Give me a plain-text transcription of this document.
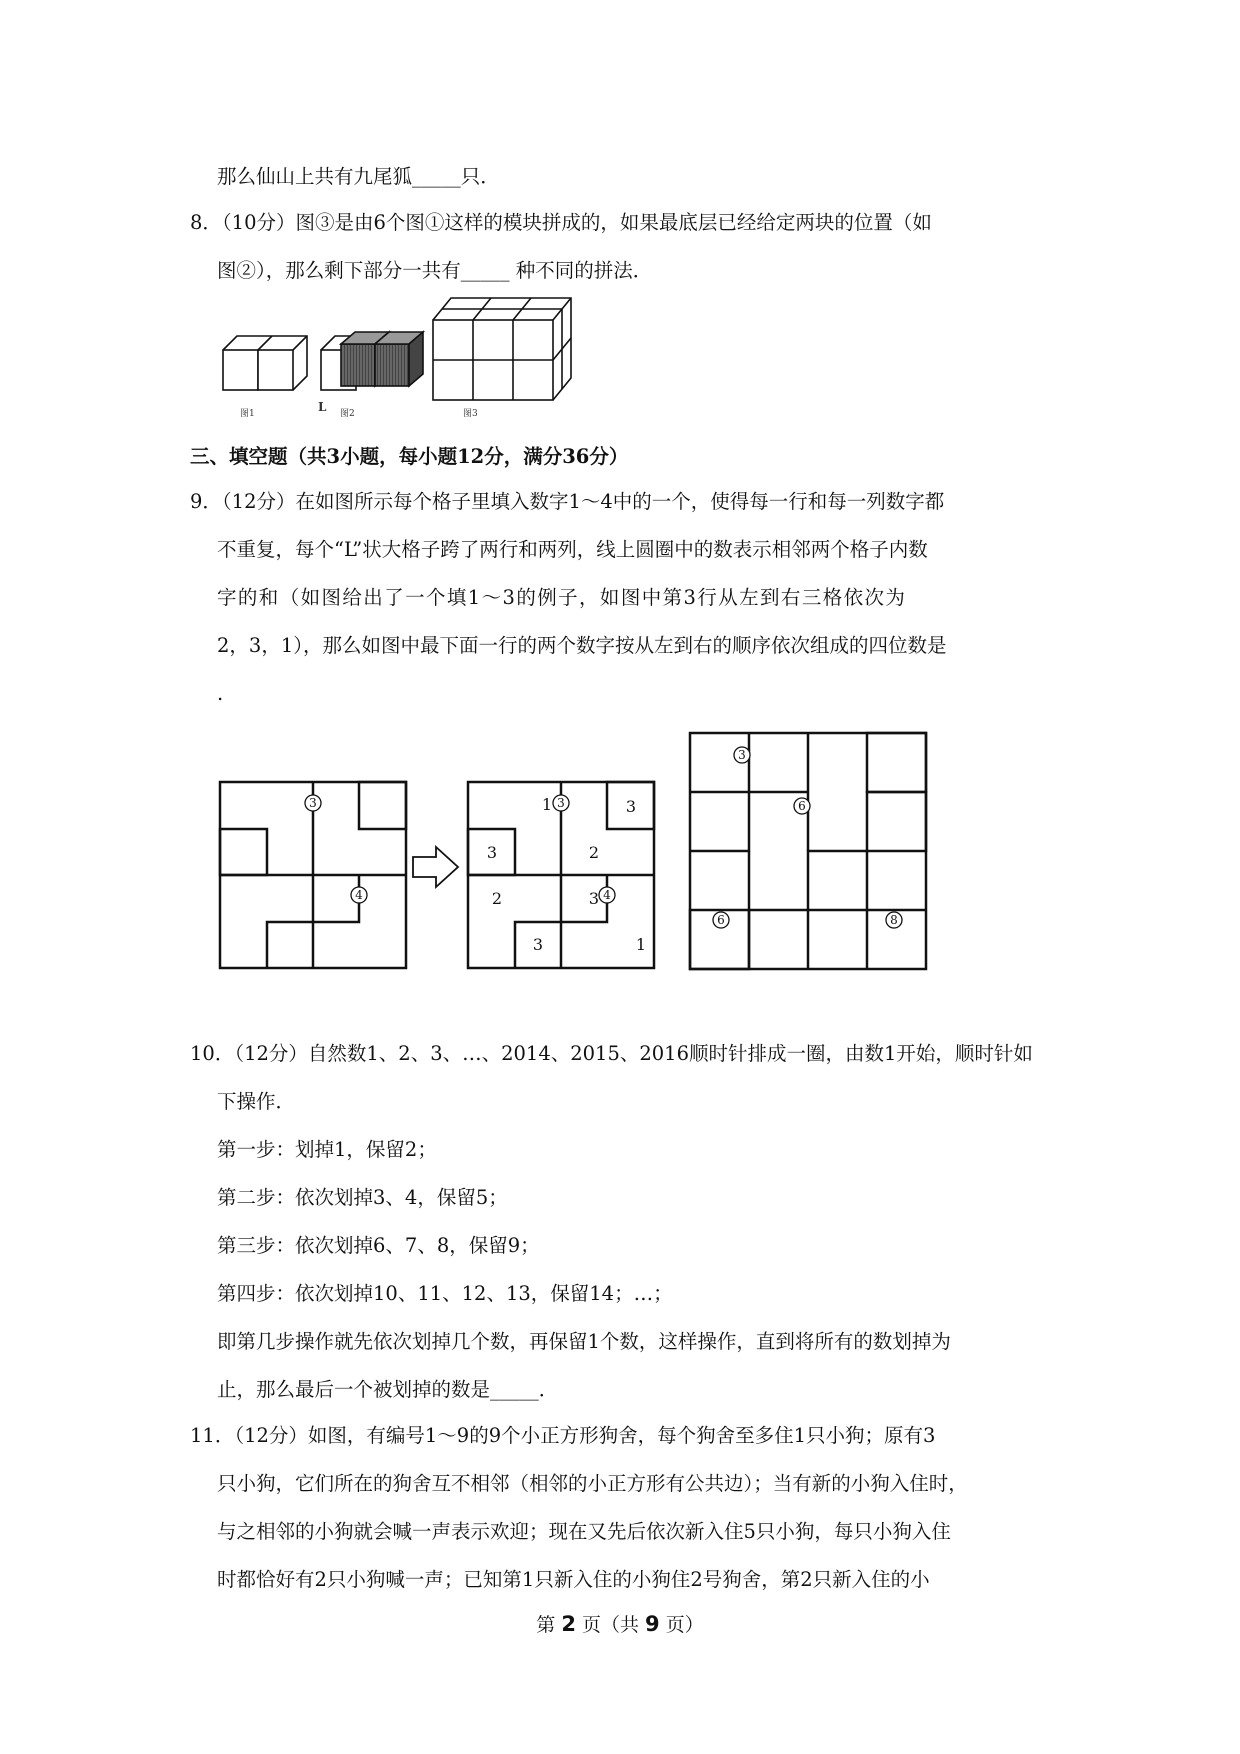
那么仙山上共有九尾狐_____只．
8．（10分）图③是由6个图①这样的模块拼成的，如果最底层已经给定两块的位置（如
图②），那么剩下部分一共有_____ 种不同的拼法．
图1	L 图2	图3
三、填空题（共3小题，每小题12分，满分36分）
9．（12分）在如图所示每个格子里填入数字1～4中的一个，使得每一行和每一列数字都
不重复，每个“L”状大格子跨了两行和两列，线上圆圈中的数表示相邻两个格子内数
字的和（如图给出了一个填1～3的例子，如图中第3行从左到右三格依次为
2，3，1），那么如图中最下面一行的两个数字按从左到右的顺序依次组成的四位数是
.
3
4
3
4
3
6
6	8
1	3
3	2
2	3
3	1
10．（12分）自然数1、2、3、…、2014、2015、2016顺时针排成一圈，由数1开始，顺时针如
下操作．
第一步：划掉1，保留2；
第二步：依次划掉3、4，保留5；
第三步：依次划掉6、7、8，保留9；
第四步：依次划掉10、11、12、13，保留14；…；
即第几步操作就先依次划掉几个数，再保留1个数，这样操作，直到将所有的数划掉为
止，那么最后一个被划掉的数是_____．
11．（12分）如图，有编号1～9的9个小正方形狗舍，每个狗舍至多住1只小狗；原有3
只小狗，它们所在的狗舍互不相邻（相邻的小正方形有公共边）；当有新的小狗入住时，
与之相邻的小狗就会喊一声表示欢迎；现在又先后依次新入住5只小狗，每只小狗入住
时都恰好有2只小狗喊一声；已知第1只新入住的小狗住2号狗舍，第2只新入住的小
第 2 页（共 9 页）
